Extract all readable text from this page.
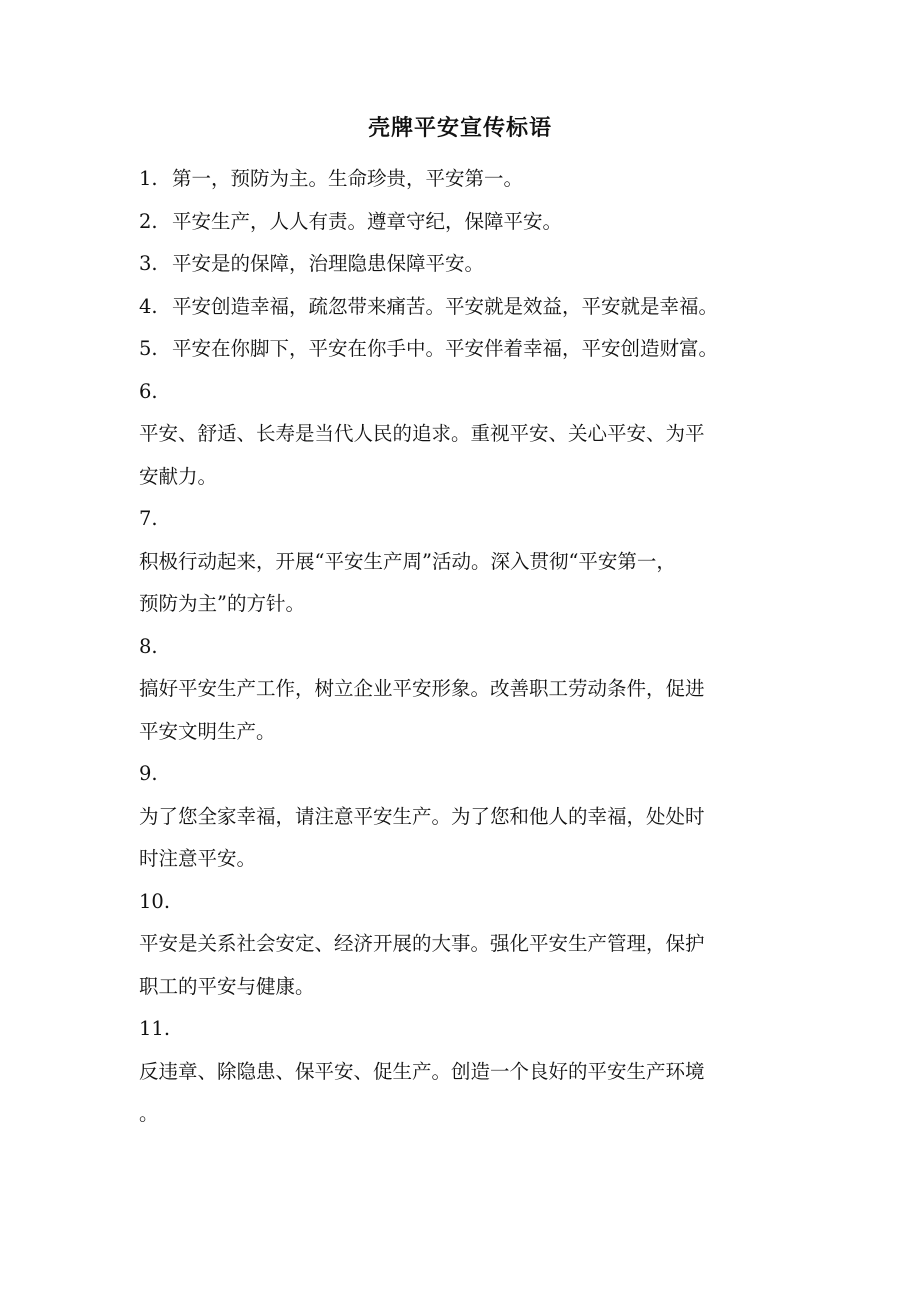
壳牌平安宣传标语
1. 第一，预防为主。生命珍贵，平安第一。
2. 平安生产，人人有责。遵章守纪，保障平安。
3. 平安是的保障，治理隐患保障平安。
4. 平安创造幸福，疏忽带来痛苦。平安就是效益，平安就是幸福。
5. 平安在你脚下，平安在你手中。平安伴着幸福，平安创造财富。
6.
平安、舒适、长寿是当代人民的追求。重视平安、关心平安、为平
安献力。
7.
积极行动起来，开展“平安生产周”活动。深入贯彻“平安第一，
预防为主”的方针。
8.
搞好平安生产工作，树立企业平安形象。改善职工劳动条件，促进
平安文明生产。
9.
为了您全家幸福，请注意平安生产。为了您和他人的幸福，处处时
时注意平安。
10.
平安是关系社会安定、经济开展的大事。强化平安生产管理，保护
职工的平安与健康。
11.
反违章、除隐患、保平安、促生产。创造一个良好的平安生产环境
。
